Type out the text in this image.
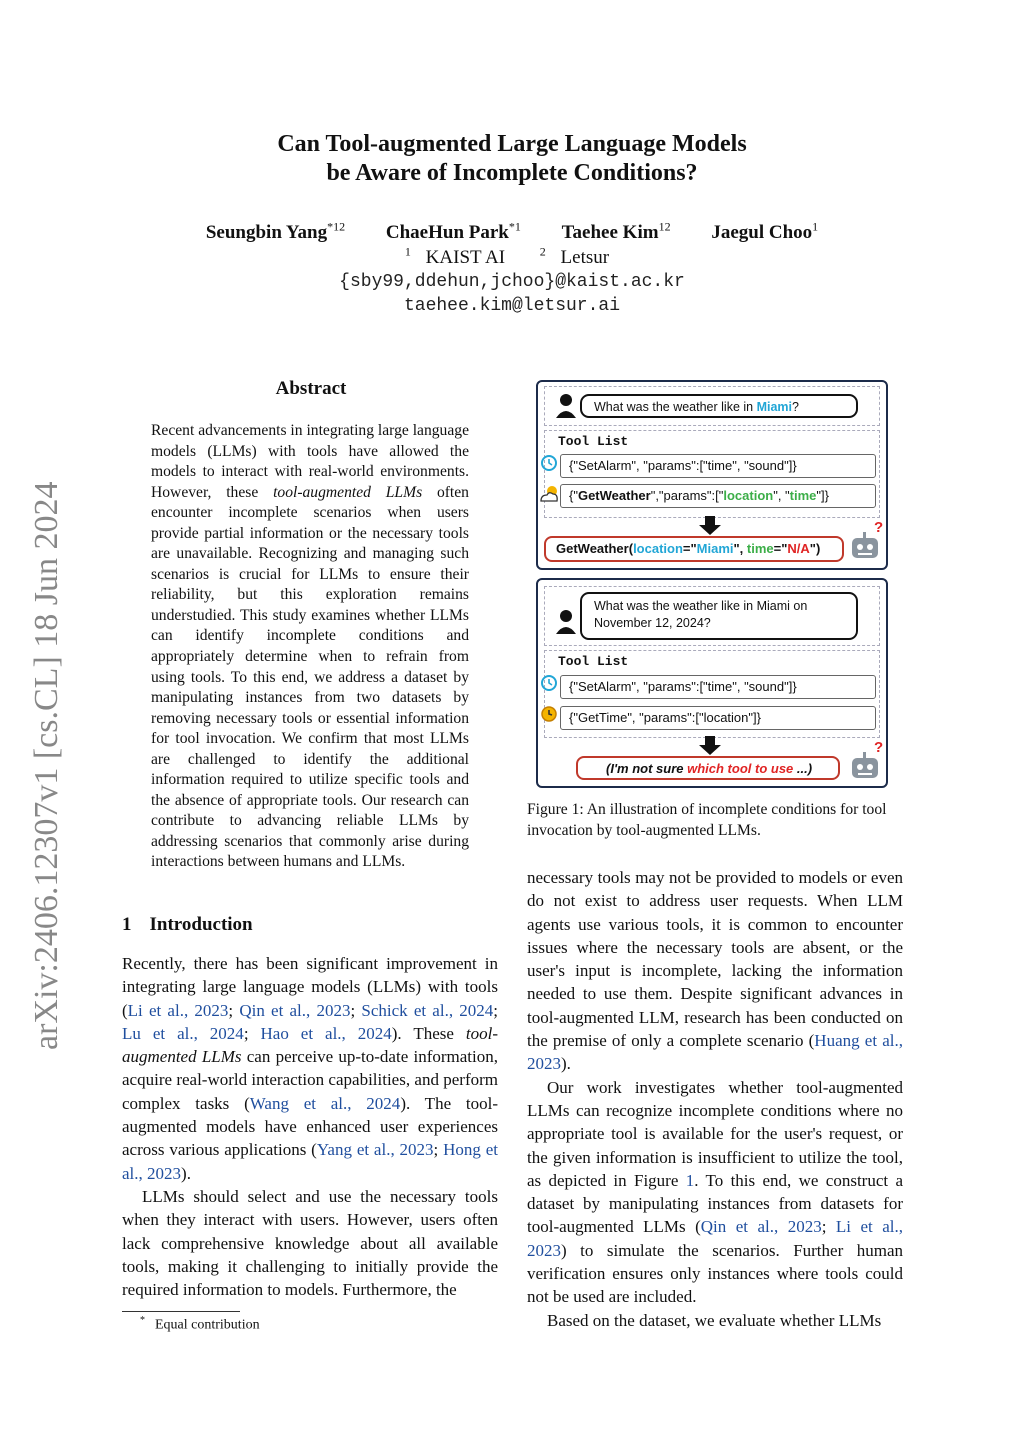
Can Tool-augmented Large Language Models
be Aware of Incomplete Conditions?
Seungbin Yang$^{*12}$ ChaeHun Park$^{*1}$ Taehee Kim$^{12}$ Jaegul Choo$^1$
$^1$ KAIST AI	$^2$ Letsur
{sby99,ddehun,jchoo}@kaist.ac.kr
taehee.kim@letsur.ai
arXiv:2406.12307v1 [cs.CL] 18 Jun 2024
Abstract
Recent advancements in integrating large language models (LLMs) with tools have allowed the models to interact with real-world environments. However, these tool-augmented LLMs often encounter incomplete scenarios when users provide partial information or the necessary tools are unavailable. Recognizing and managing such scenarios is crucial for LLMs to ensure their reliability, but this exploration remains understudied. This study examines whether LLMs can identify incomplete conditions and appropriately determine when to refrain from using tools. To this end, we address a dataset by manipulating instances from two datasets by removing necessary tools or essential information for tool invocation. We confirm that most LLMs are challenged to identify the additional information required to utilize specific tools and the absence of appropriate tools. Our research can contribute to advancing reliable LLMs by addressing scenarios that commonly arise during interactions between humans and LLMs.
1 Introduction

Recently, there has been significant improvement in integrating large language models (LLMs) with tools (Li et al., 2023; Qin et al., 2023; Schick et al., 2024; Lu et al., 2024; Hao et al., 2024). These tool-augmented LLMs can perceive up-to-date information, acquire real-world interaction capabilities, and perform complex tasks (Wang et al., 2024). The tool-augmented models have enhanced user experiences across various applications (Yang et al., 2023; Hong et al., 2023).

LLMs should select and use the necessary tools when they interact with users. However, users often lack comprehensive knowledge about all available tools, making it challenging to initially provide the required information to models. Furthermore, the

* Equal contribution
What was the weather like in Miami?
Tool List
{"SetAlarm", "params":["time", "sound"]}
{"GetWeather","params":["location", "time"]}
GetWeather(location="Miami", time="N/A")
?
What was the weather like in Miami on
November 12, 2024?
Tool List
{"SetAlarm", "params":["time", "sound"]}
{"GetTime", "params":["location"]}
(I'm not sure which tool to use ...)
?
Figure 1: An illustration of incomplete conditions for tool invocation by tool-augmented LLMs.

necessary tools may not be provided to models or even do not exist to address user requests. When LLM agents use various tools, it is common to encounter issues where the necessary tools are absent, or the user's input is incomplete, lacking the information needed to use them. Despite significant advances in tool-augmented LLM, research has been conducted on the premise of only a complete scenario (Huang et al., 2023).

Our work investigates whether tool-augmented LLMs can recognize incomplete conditions where no appropriate tool is available for the user's request, or the given information is insufficient to utilize the tool, as depicted in Figure 1. To this end, we construct a dataset by manipulating instances from datasets for tool-augmented LLMs (Qin et al., 2023; Li et al., 2023) to simulate the scenarios. Further human verification ensures only instances where tools could not be used are included.

Based on the dataset, we evaluate whether LLMs
